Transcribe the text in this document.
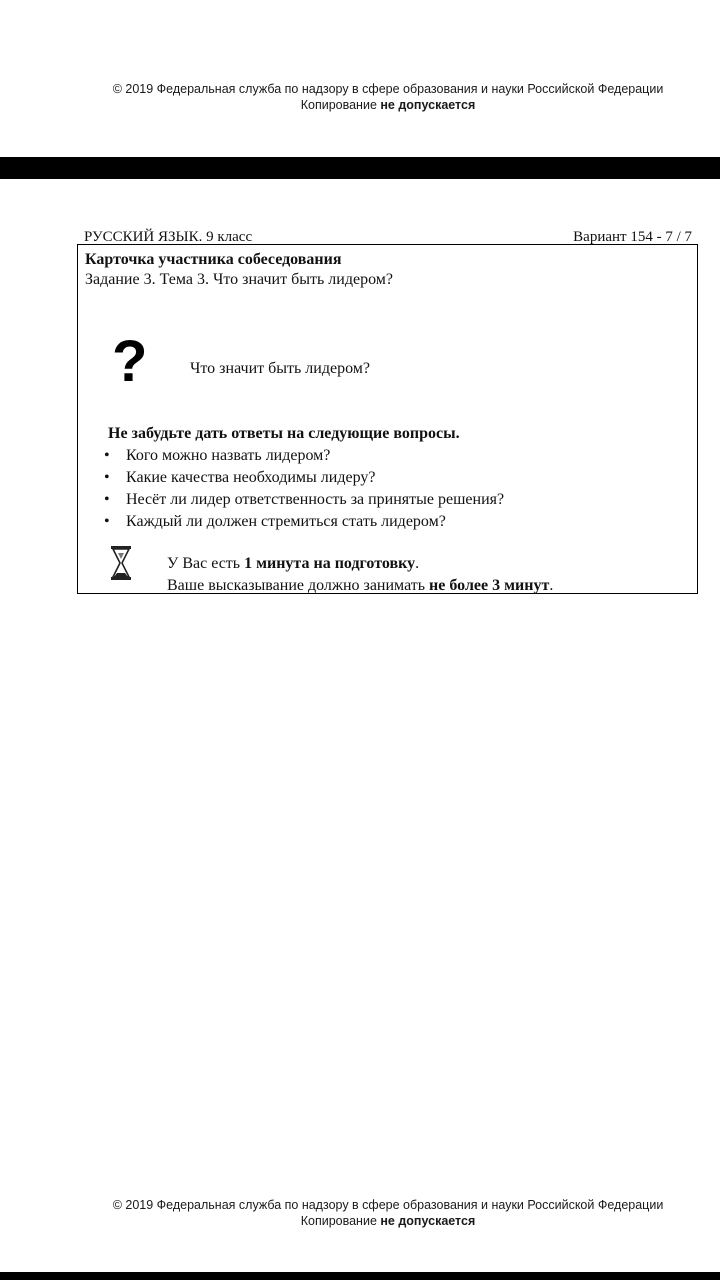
© 2019 Федеральная служба по надзору в сфере образования и науки Российской Федерации
Копирование не допускается
РУССКИЙ ЯЗЫК. 9 класс	Вариант 154 - 7 / 7
Карточка участника собеседования
Задание 3. Тема 3. Что значит быть лидером?
?	Что значит быть лидером?
Не забудьте дать ответы на следующие вопросы.
• Кого можно назвать лидером?
• Какие качества необходимы лидеру?
• Несёт ли лидер ответственность за принятые решения?
• Каждый ли должен стремиться стать лидером?
У Вас есть 1 минута на подготовку.
Ваше высказывание должно занимать не более 3 минут.
© 2019 Федеральная служба по надзору в сфере образования и науки Российской Федерации
Копирование не допускается
